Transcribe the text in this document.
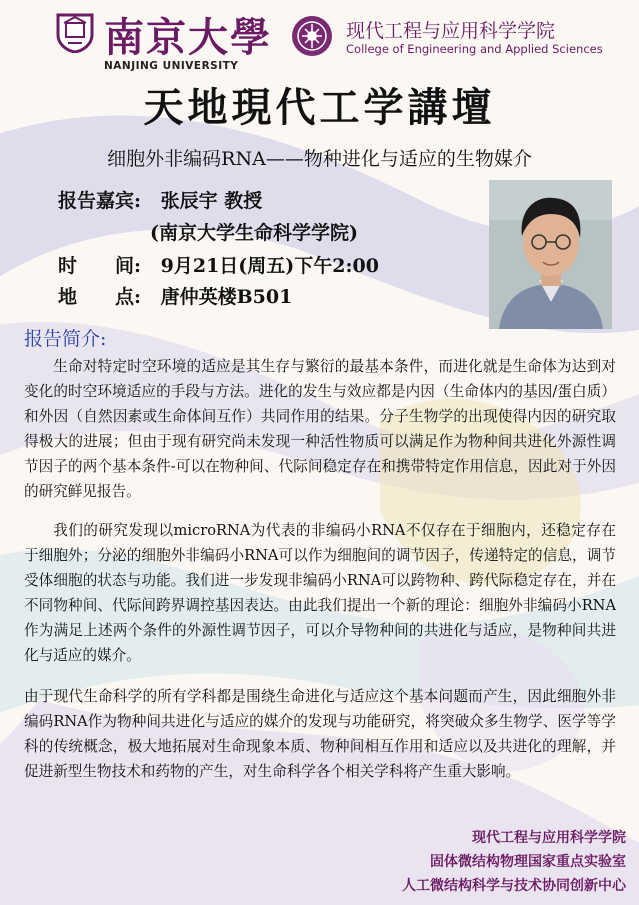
南京大學
NANJING UNIVERSITY
现代工程与应用科学学院
College of Engineering and Applied Sciences
天地現代工学講壇
细胞外非编码RNA——物种进化与适应的生物媒介
报告嘉宾: 张辰宇 教授
(南京大学生命科学学院)
时　　间: 9月21日(周五)下午2:00
地　　点: 唐仲英楼B501
报告简介:
生命对特定时空环境的适应是其生存与繁衍的最基本条件，而进化就是生命体为达到对变化的时空环境适应的手段与方法。进化的发生与效应都是内因（生命体内的基因/蛋白质）和外因（自然因素或生命体间互作）共同作用的结果。分子生物学的出现使得内因的研究取得极大的进展；但由于现有研究尚未发现一种活性物质可以满足作为物种间共进化外源性调节因子的两个基本条件-可以在物种间、代际间稳定存在和携带特定作用信息，因此对于外因的研究鲜见报告。
我们的研究发现以microRNA为代表的非编码小RNA不仅存在于细胞内，还稳定存在于细胞外；分泌的细胞外非编码小RNA可以作为细胞间的调节因子，传递特定的信息，调节受体细胞的状态与功能。我们进一步发现非编码小RNA可以跨物种、跨代际稳定存在，并在不同物种间、代际间跨界调控基因表达。由此我们提出一个新的理论：细胞外非编码小RNA作为满足上述两个条件的外源性调节因子，可以介导物种间的共进化与适应，是物种间共进化与适应的媒介。
由于现代生命科学的所有学科都是围绕生命进化与适应这个基本问题而产生，因此细胞外非编码RNA作为物种间共进化与适应的媒介的发现与功能研究，将突破众多生物学、医学等学科的传统概念，极大地拓展对生命现象本质、物种间相互作用和适应以及共进化的理解，并促进新型生物技术和药物的产生，对生命科学各个相关学科将产生重大影响。
现代工程与应用科学学院
固体微结构物理国家重点实验室
人工微结构科学与技术协同创新中心
